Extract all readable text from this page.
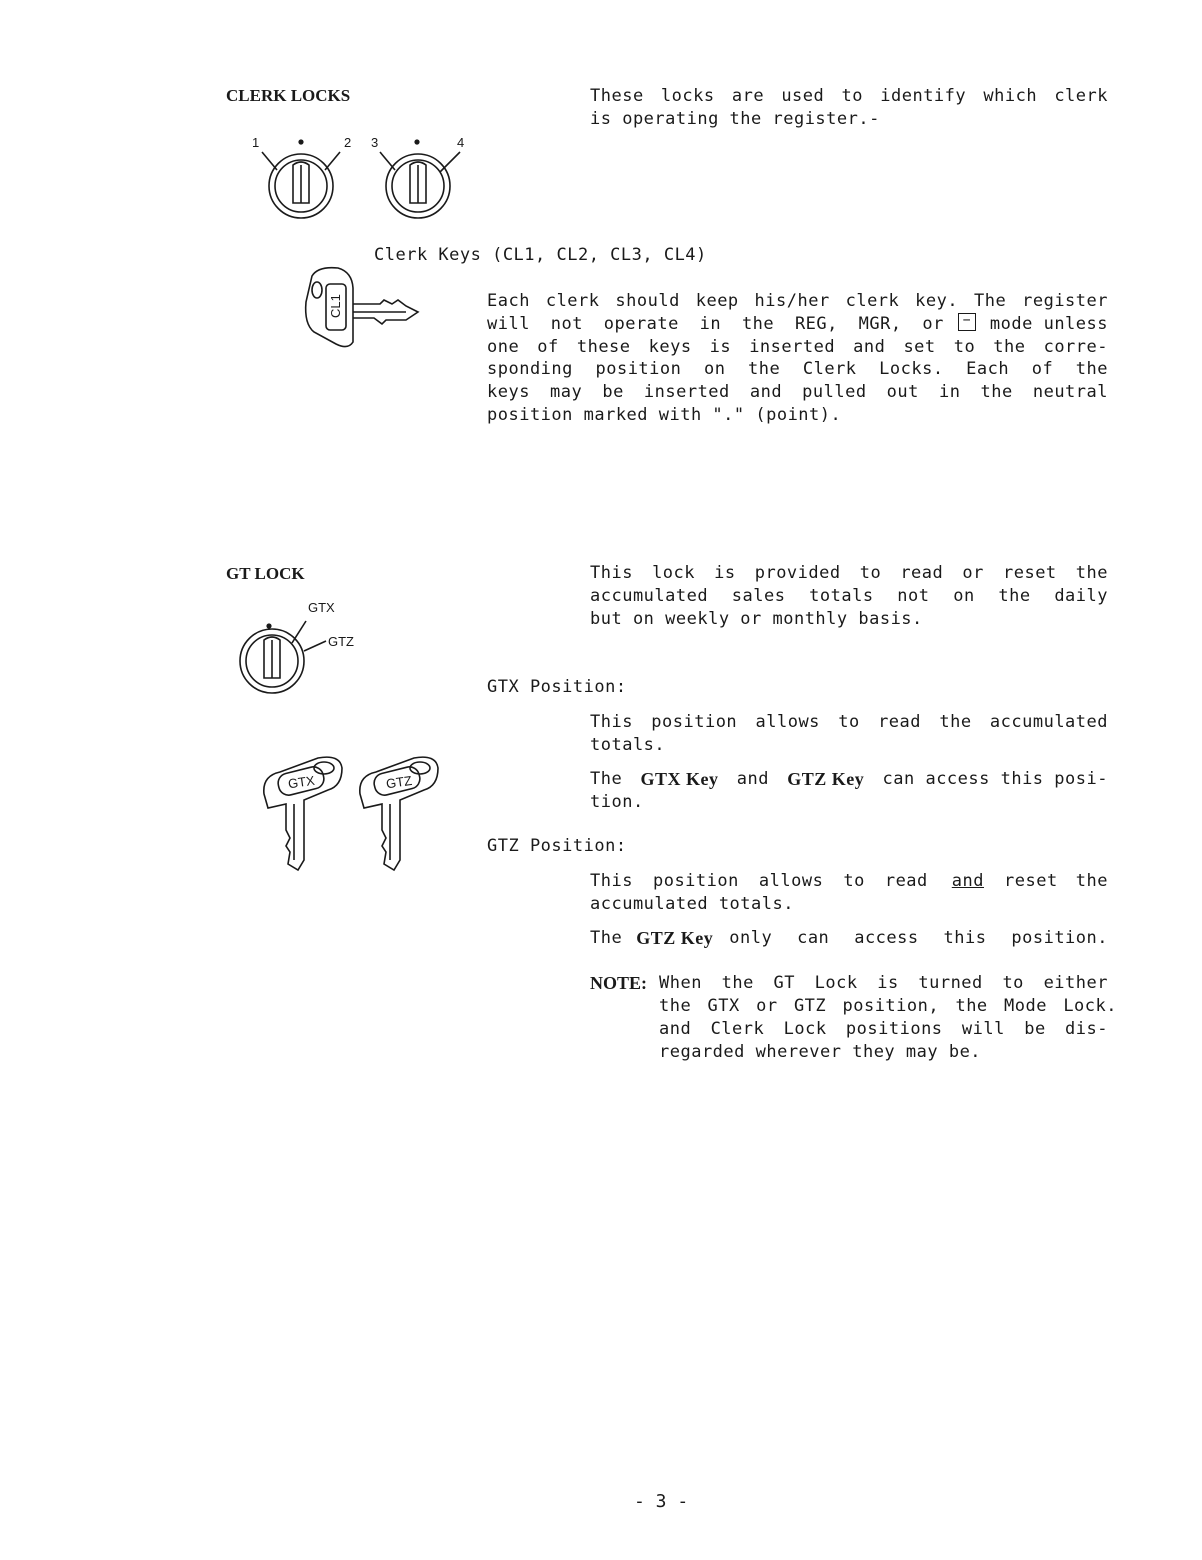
CLERK LOCKS	These locks are used to identify which clerk
is operating the register.-
1	2 3	4
Clerk Keys (CL1, CL2, CL3, CL4)
CL1	Each clerk should keep his/her clerk key. The register
will not operate in the REG, MGR, or	− mode unless
one of these keys is inserted and set to the corre-
sponding position on the Clerk Locks. Each of the
keys may be inserted and pulled out in the neutral
position marked with "." (point).
GT LOCK	This lock is provided to read or reset the
accumulated sales totals not on the daily
but on weekly or monthly basis.
GTX
GTZ
GTX	GTZ
GTX Position:
This position allows to read the accumulated
totals.
The GTX Key and GTZ Key can access this posi-
tion.
GTZ Position:
This position allows to read and reset the
accumulated totals.
The GTZ Key only can access this position.
NOTE: When the GT Lock is turned to either
the GTX or GTZ position, the Mode Lock.
and Clerk Lock positions will be dis-
regarded wherever they may be.
- 3 -
